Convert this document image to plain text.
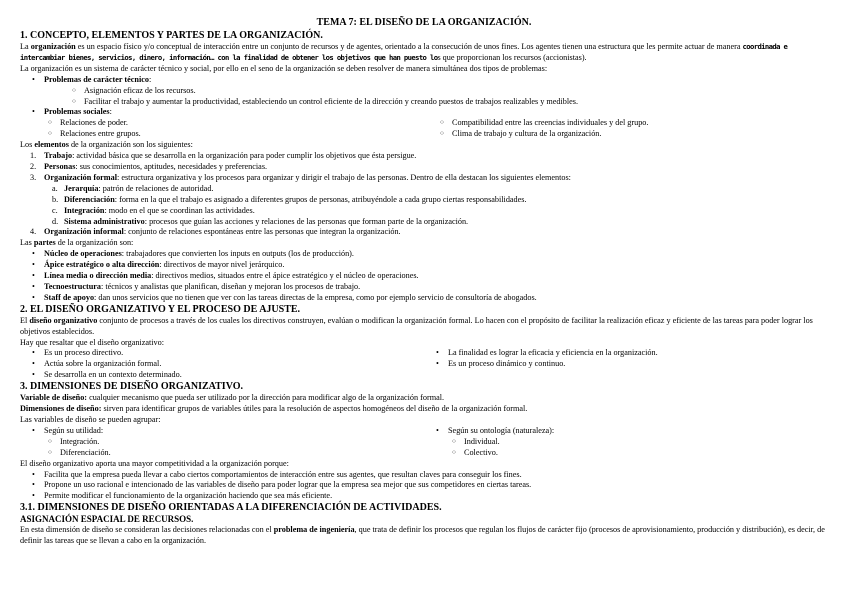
TEMA 7: EL DISEÑO DE LA ORGANIZACIÓN.
1. CONCEPTO, ELEMENTOS Y PARTES DE LA ORGANIZACIÓN.

La organización es un espacio físico y/o conceptual de interacción entre un conjunto de recursos y de agentes, orientado a la consecución de unos fines. Los agentes tienen una estructura que les permite actuar de manera coordinada e intercambiar bienes, servicios, dinero, información… con la finalidad de obtener los objetivos que han puesto los que proporcionan los recursos (accionistas).

La organización es un sistema de carácter técnico y social, por ello en el seno de la organización se deben resolver de manera simultánea dos tipos de problemas:

• Problemas de carácter técnico:
○ Asignación eficaz de los recursos.
○ Facilitar el trabajo y aumentar la productividad, estableciendo un control eficiente de la dirección y creando puestos de trabajos realizables y medibles.
• Problemas sociales:
○ Relaciones de poder.
○ Relaciones entre grupos.
○ Compatibilidad entre las creencias individuales y del grupo.
○ Clima de trabajo y cultura de la organización.

Los elementos de la organización son los siguientes:

1. Trabajo: actividad básica que se desarrolla en la organización para poder cumplir los objetivos que ésta persigue.
2. Personas: sus conocimientos, aptitudes, necesidades y preferencias.
3. Organización formal: estructura organizativa y los procesos para organizar y dirigir el trabajo de las personas. Dentro de ella destacan los siguientes elementos:
a. Jerarquía: patrón de relaciones de autoridad.
b. Diferenciación: forma en la que el trabajo es asignado a diferentes grupos de personas, atribuyéndole a cada grupo ciertas responsabilidades.
c. Integración: modo en el que se coordinan las actividades.
d. Sistema administrativo: procesos que guían las acciones y relaciones de las personas que forman parte de la organización.
4. Organización informal: conjunto de relaciones espontáneas entre las personas que integran la organización.

Las partes de la organización son:

• Núcleo de operaciones: trabajadores que convierten los inputs en outputs (los de producción).
• Ápice estratégico o alta dirección: directivos de mayor nivel jerárquico.
• Línea media o dirección media: directivos medios, situados entre el ápice estratégico y el núcleo de operaciones.
• Tecnoestructura: técnicos y analistas que planifican, diseñan y mejoran los procesos de trabajo.
• Staff de apoyo: dan unos servicios que no tienen que ver con las tareas directas de la empresa, como por ejemplo servicio de consultoría de abogados.
2. EL DISEÑO ORGANIZATIVO Y EL PROCESO DE AJUSTE.

El diseño organizativo conjunto de procesos a través de los cuales los directivos construyen, evalúan o modifican la organización formal. Lo hacen con el propósito de facilitar la realización eficaz y eficiente de las tareas para poder lograr los objetivos establecidos.

Hay que resaltar que el diseño organizativo:

• Es un proceso directivo.
• Actúa sobre la organización formal.
• Se desarrolla en un contexto determinado.
• La finalidad es lograr la eficacia y eficiencia en la organización.
• Es un proceso dinámico y continuo.
3. DIMENSIONES DE DISEÑO ORGANIZATIVO.

Variable de diseño: cualquier mecanismo que pueda ser utilizado por la dirección para modificar algo de la organización formal.

Dimensiones de diseño: sirven para identificar grupos de variables útiles para la resolución de aspectos homogéneos del diseño de la organización formal.

Las variables de diseño se pueden agrupar:

• Según su utilidad:
○ Integración.
○ Diferenciación.
• Según su ontología (naturaleza):
○ Individual.
○ Colectivo.

El diseño organizativo aporta una mayor competitividad a la organización porque:

• Facilita que la empresa pueda llevar a cabo ciertos comportamientos de interacción entre sus agentes, que resultan claves para conseguir los fines.
• Propone un uso racional e intencionado de las variables de diseño para poder lograr que la empresa sea mejor que sus competidores en ciertas tareas.
• Permite modificar el funcionamiento de la organización haciendo que sea más eficiente.
3.1. DIMENSIONES DE DISEÑO ORIENTADAS A LA DIFERENCIACIÓN DE ACTIVIDADES.
ASIGNACIÓN ESPACIAL DE RECURSOS.

En esta dimensión de diseño se consideran las decisiones relacionadas con el problema de ingeniería, que trata de definir los procesos que regulan los flujos de carácter fijo (procesos de aprovisionamiento, producción y distribución), es decir, de definir las tareas que se llevan a cabo en la organización.
